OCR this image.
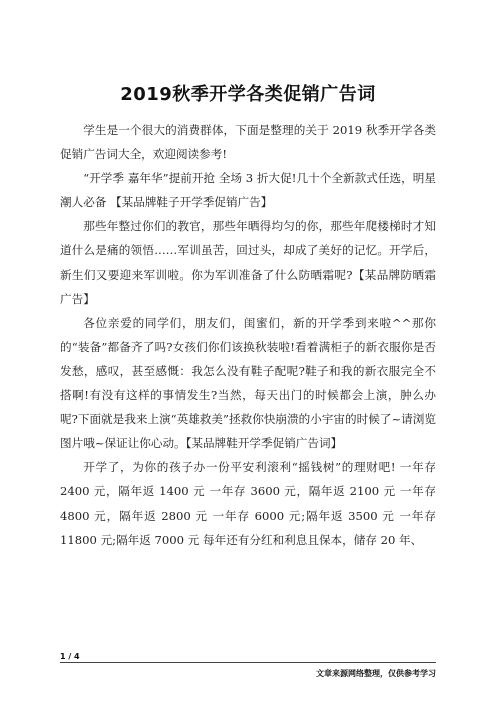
2019秋季开学各类促销广告词

学生是一个很大的消费群体，下面是整理的关于 2019 秋季开学各类促销广告词大全，欢迎阅读参考!

“开学季 嘉年华”提前开抢 全场 3 折大促!几十个全新款式任选，明星潮人必备 【某品牌鞋子开学季促销广告】

那些年整过你们的教官，那些年晒得均匀的你，那些年爬楼梯时才知道什么是痛的领悟……军训虽苦，回过头，却成了美好的记忆。开学后，新生们又要迎来军训啦。你为军训准备了什么防晒霜呢?【某品牌防晒霜广告】

各位亲爱的同学们，朋友们，闺蜜们，新的开学季到来啦^^那你的“装备”都备齐了吗?女孩们你们该换秋装啦!看着满柜子的新衣服你是否发愁，感叹，甚至感慨：我怎么没有鞋子配呢?鞋子和我的新衣服完全不搭啊!有没有这样的事情发生?当然，每天出门的时候都会上演，肿么办呢?下面就是我来上演“英雄救美”拯救你快崩溃的小宇宙的时候了~请浏览图片哦~保证让你心动。【某品牌鞋开学季促销广告词】

开学了，为你的孩子办一份平安利滚利“摇钱树”的理财吧! 一年存 2400 元，隔年返 1400 元 一年存 3600 元，隔年返 2100 元 一年存 4800 元，隔年返 2800 元 一年存 6000 元;隔年返 3500 元 一年存 11800 元;隔年返 7000 元 每年还有分红和利息且保本，储存 20 年、

1 / 4
文章来源网络整理，仅供参考学习
